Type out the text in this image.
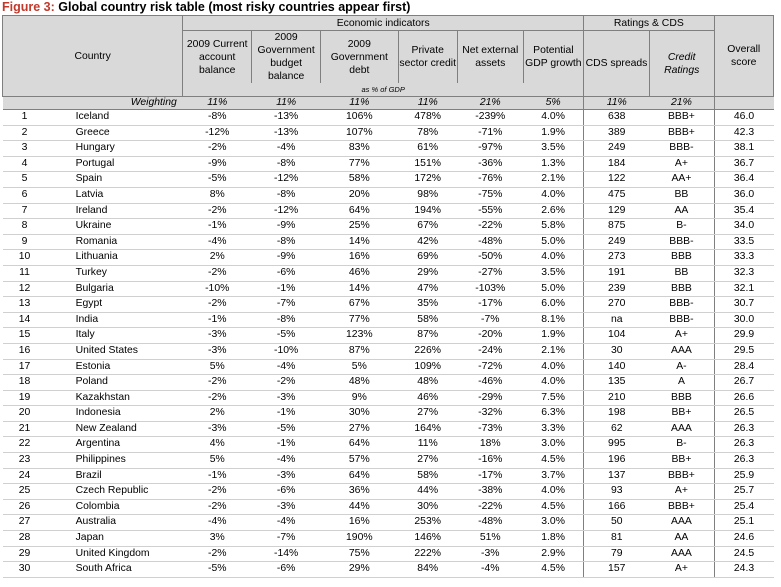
Figure 3: Global country risk table (most risky countries appear first)
Country		Economic indicators						Ratings & CDS		Overall score
		2009 Current account balance	2009 Government budget balance	2009 Government debt	Private sector credit	Net external assets	Potential GDP growth	CDS spreads	Credit Ratings	
		as % of GDP								
Weighting		11%	11%	11%	11%	21%	5%	11%	21%	
1	Iceland	-8%	-13%	106%	478%	-239%	4.0%	638	BBB+	46.0
2	Greece	-12%	-13%	107%	78%	-71%	1.9%	389	BBB+	42.3
3	Hungary	-2%	-4%	83%	61%	-97%	3.5%	249	BBB-	38.1
4	Portugal	-9%	-8%	77%	151%	-36%	1.3%	184	A+	36.7
5	Spain	-5%	-12%	58%	172%	-76%	2.1%	122	AA+	36.4
6	Latvia	8%	-8%	20%	98%	-75%	4.0%	475	BB	36.0
7	Ireland	-2%	-12%	64%	194%	-55%	2.6%	129	AA	35.4
8	Ukraine	-1%	-9%	25%	67%	-22%	5.8%	875	B-	34.0
9	Romania	-4%	-8%	14%	42%	-48%	5.0%	249	BBB-	33.5
10	Lithuania	2%	-9%	16%	69%	-50%	4.0%	273	BBB	33.3
11	Turkey	-2%	-6%	46%	29%	-27%	3.5%	191	BB	32.3
12	Bulgaria	-10%	-1%	14%	47%	-103%	5.0%	239	BBB	32.1
13	Egypt	-2%	-7%	67%	35%	-17%	6.0%	270	BBB-	30.7
14	India	-1%	-8%	77%	58%	-7%	8.1%	na	BBB-	30.0
15	Italy	-3%	-5%	123%	87%	-20%	1.9%	104	A+	29.9
16	United States	-3%	-10%	87%	226%	-24%	2.1%	30	AAA	29.5
17	Estonia	5%	-4%	5%	109%	-72%	4.0%	140	A-	28.4
18	Poland	-2%	-2%	48%	48%	-46%	4.0%	135	A	26.7
19	Kazakhstan	-2%	-3%	9%	46%	-29%	7.5%	210	BBB	26.6
20	Indonesia	2%	-1%	30%	27%	-32%	6.3%	198	BB+	26.5
21	New Zealand	-3%	-5%	27%	164%	-73%	3.3%	62	AAA	26.3
22	Argentina	4%	-1%	64%	11%	18%	3.0%	995	B-	26.3
23	Philippines	5%	-4%	57%	27%	-16%	4.5%	196	BB+	26.3
24	Brazil	-1%	-3%	64%	58%	-17%	3.7%	137	BBB+	25.9
25	Czech Republic	-2%	-6%	36%	44%	-38%	4.0%	93	A+	25.7
26	Colombia	-2%	-3%	44%	30%	-22%	4.5%	166	BBB+	25.4
27	Australia	-4%	-4%	16%	253%	-48%	3.0%	50	AAA	25.1
28	Japan	3%	-7%	190%	146%	51%	1.8%	81	AA	24.6
29	United Kingdom	-2%	-14%	75%	222%	-3%	2.9%	79	AAA	24.5
30	South Africa	-5%	-6%	29%	84%	-4%	4.5%	157	A+	24.3
